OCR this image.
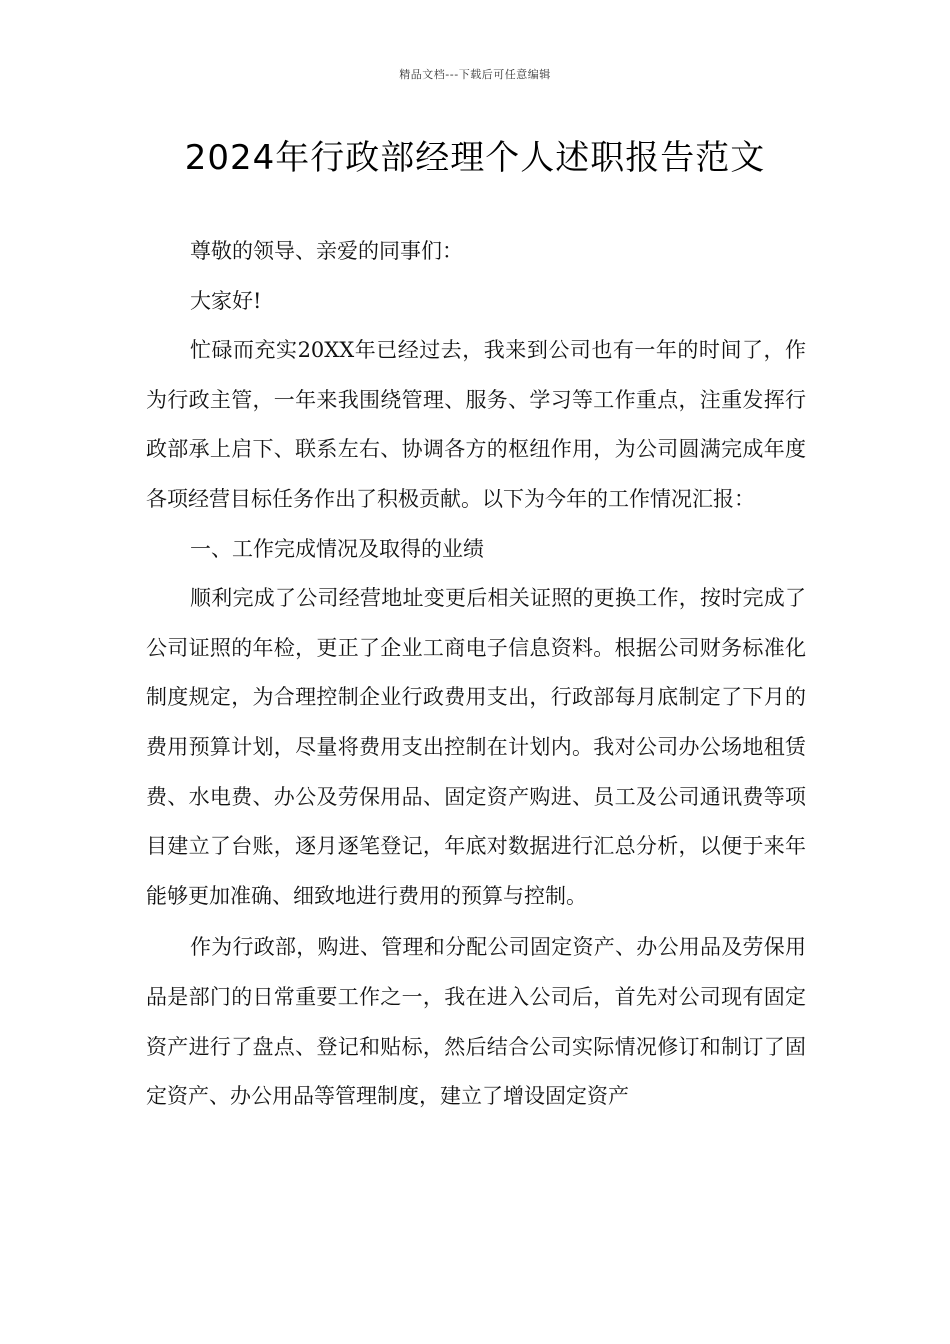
精品文档---下载后可任意编辑
2024年行政部经理个人述职报告范文

尊敬的领导、亲爱的同事们：

大家好!

忙碌而充实20XX年已经过去，我来到公司也有一年的时间了，作为行政主管，一年来我围绕管理、服务、学习等工作重点，注重发挥行政部承上启下、联系左右、协调各方的枢纽作用，为公司圆满完成年度各项经营目标任务作出了积极贡献。以下为今年的工作情况汇报：

一、工作完成情况及取得的业绩

顺利完成了公司经营地址变更后相关证照的更换工作，按时完成了公司证照的年检，更正了企业工商电子信息资料。根据公司财务标准化制度规定，为合理控制企业行政费用支出，行政部每月底制定了下月的费用预算计划，尽量将费用支出控制在计划内。我对公司办公场地租赁费、水电费、办公及劳保用品、固定资产购进、员工及公司通讯费等项目建立了台账，逐月逐笔登记，年底对数据进行汇总分析，以便于来年能够更加准确、细致地进行费用的预算与控制。

作为行政部，购进、管理和分配公司固定资产、办公用品及劳保用品是部门的日常重要工作之一，我在进入公司后，首先对公司现有固定资产进行了盘点、登记和贴标，然后结合公司实际情况修订和制订了固定资产、办公用品等管理制度，建立了增设固定资产
